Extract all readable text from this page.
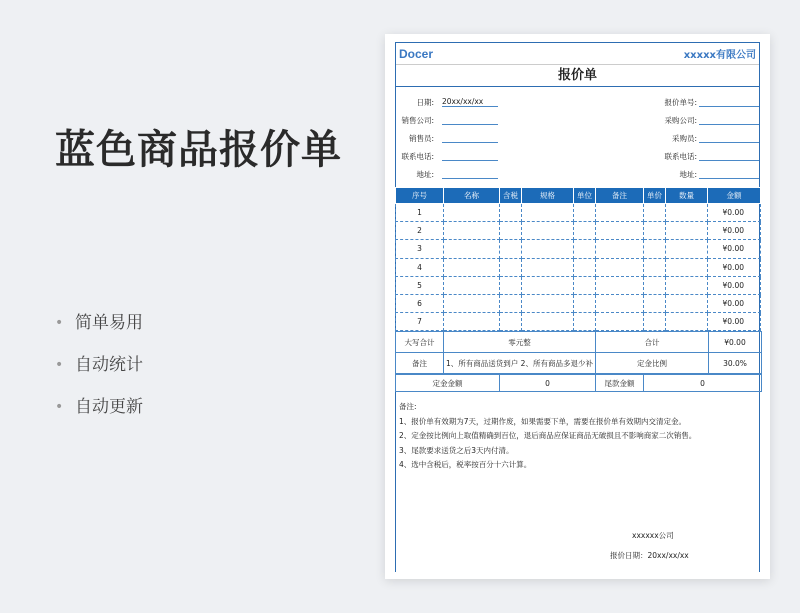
蓝色商品报价单
• 简单易用
• 自动统计
• 自动更新
Docer	xxxxx有限公司
报价单
日期: 20xx/xx/xx	报价单号:
销售公司:	采购公司:
销售员:	采购员:
联系电话:	联系电话:
地址:	地址:
序号	名称	含税	规格	单位	备注	单价	数量	金额
1								¥0.00
2								¥0.00
3								¥0.00
4								¥0.00
5								¥0.00
6								¥0.00
7								¥0.00
大写合计	零元整	合计	¥0.00
备注	1、所有商品送货到户 2、所有商品多退少补	定金比例	30.0%
定金金额	0	尾款金额	0
备注:
1、报价单有效期为7天，过期作废，如果需要下单，需要在报价单有效期内交清定金。
2、定金按比例向上取值精确到百位，退后商品应保证商品无破损且不影响商家二次销售。
3、尾款要求送货之后3天内付清。
4、选中含税后，税率按百分十六计算。
xxxxxx公司
报价日期：20xx/xx/xx
